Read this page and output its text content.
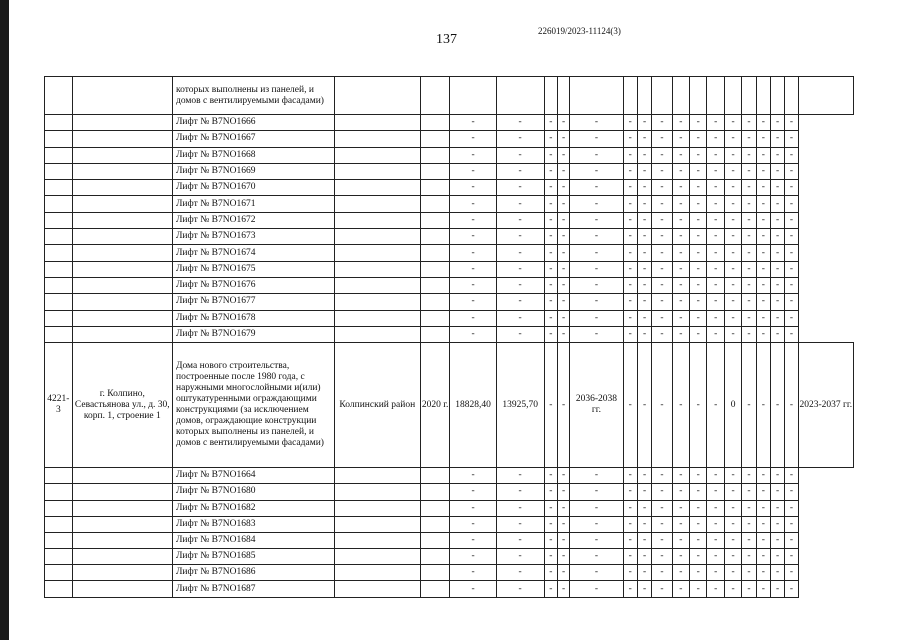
137
226019/2023-11124(3)
		которых выполнены из панелей, и домов с вентилируемыми фасадами)																			
		Лифт № В7NO1666			-	-	-	-	-	-	-	-	-	-	-	-	-	-	-	-	
		Лифт № В7NO1667			-	-	-	-	-	-	-	-	-	-	-	-	-	-	-	-	
		Лифт № В7NO1668			-	-	-	-	-	-	-	-	-	-	-	-	-	-	-	-	
		Лифт № В7NO1669			-	-	-	-	-	-	-	-	-	-	-	-	-	-	-	-	
		Лифт № В7NO1670			-	-	-	-	-	-	-	-	-	-	-	-	-	-	-	-	
		Лифт № В7NO1671			-	-	-	-	-	-	-	-	-	-	-	-	-	-	-	-	
		Лифт № В7NO1672			-	-	-	-	-	-	-	-	-	-	-	-	-	-	-	-	
		Лифт № В7NO1673			-	-	-	-	-	-	-	-	-	-	-	-	-	-	-	-	
		Лифт № В7NO1674			-	-	-	-	-	-	-	-	-	-	-	-	-	-	-	-	
		Лифт № В7NO1675			-	-	-	-	-	-	-	-	-	-	-	-	-	-	-	-	
		Лифт № В7NO1676			-	-	-	-	-	-	-	-	-	-	-	-	-	-	-	-	
		Лифт № В7NO1677			-	-	-	-	-	-	-	-	-	-	-	-	-	-	-	-	
		Лифт № В7NO1678			-	-	-	-	-	-	-	-	-	-	-	-	-	-	-	-	
		Лифт № В7NO1679			-	-	-	-	-	-	-	-	-	-	-	-	-	-	-	-	
4221-3	г. Колпино, Севастьянова ул., д. 30, корп. 1, строение 1	Дома нового строительства, построенные после 1980 года, с наружными многослойными и(или) оштукатуренными ограждающими конструкциями (за исключением домов, ограждающие конструкции которых выполнены из панелей, и домов с вентилируемыми фасадами)	Колпинский район	2020 г.	18828,40	13925,70	-	-	2036-2038 гг.	-	-	-	-	-	-	0	-	-	-	-	2023-2037 гг.
		Лифт № В7NO1664			-	-	-	-	-	-	-	-	-	-	-	-	-	-	-	-	
		Лифт № В7NO1680			-	-	-	-	-	-	-	-	-	-	-	-	-	-	-	-	
		Лифт № В7NO1682			-	-	-	-	-	-	-	-	-	-	-	-	-	-	-	-	
		Лифт № В7NO1683			-	-	-	-	-	-	-	-	-	-	-	-	-	-	-	-	
		Лифт № В7NO1684			-	-	-	-	-	-	-	-	-	-	-	-	-	-	-	-	
		Лифт № В7NO1685			-	-	-	-	-	-	-	-	-	-	-	-	-	-	-	-	
		Лифт № В7NO1686			-	-	-	-	-	-	-	-	-	-	-	-	-	-	-	-	
		Лифт № В7NO1687			-	-	-	-	-	-	-	-	-	-	-	-	-	-	-	-	
